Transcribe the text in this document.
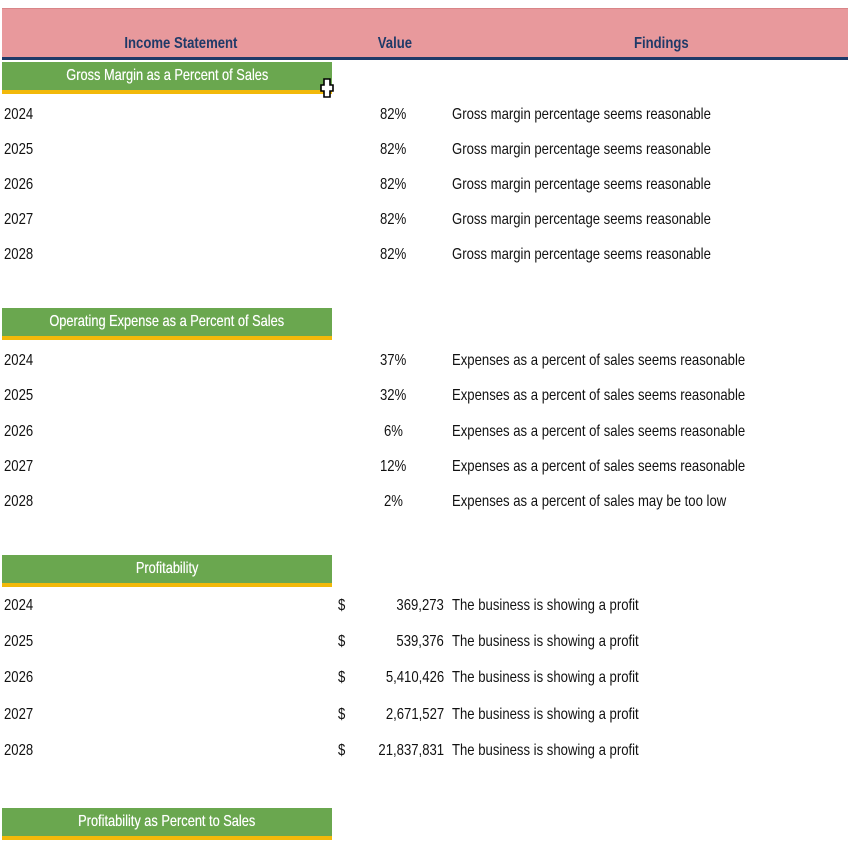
Income Statement	Value	Findings
Gross Margin as a Percent of Sales
2024	82%	Gross margin percentage seems reasonable
2025	82%	Gross margin percentage seems reasonable
2026	82%	Gross margin percentage seems reasonable
2027	82%	Gross margin percentage seems reasonable
2028	82%	Gross margin percentage seems reasonable
Operating Expense as a Percent of Sales
2024	37%	Expenses as a percent of sales seems reasonable
2025	32%	Expenses as a percent of sales seems reasonable
2026	6%	Expenses as a percent of sales seems reasonable
2027	12%	Expenses as a percent of sales seems reasonable
2028	2%	Expenses as a percent of sales may be too low
Profitability
2024	$	369,273 The business is showing a profit
2025	$	539,376 The business is showing a profit
2026	$	5,410,426 The business is showing a profit
2027	$	2,671,527 The business is showing a profit
2028	$ 21,837,831 The business is showing a profit
Profitability as Percent to Sales
